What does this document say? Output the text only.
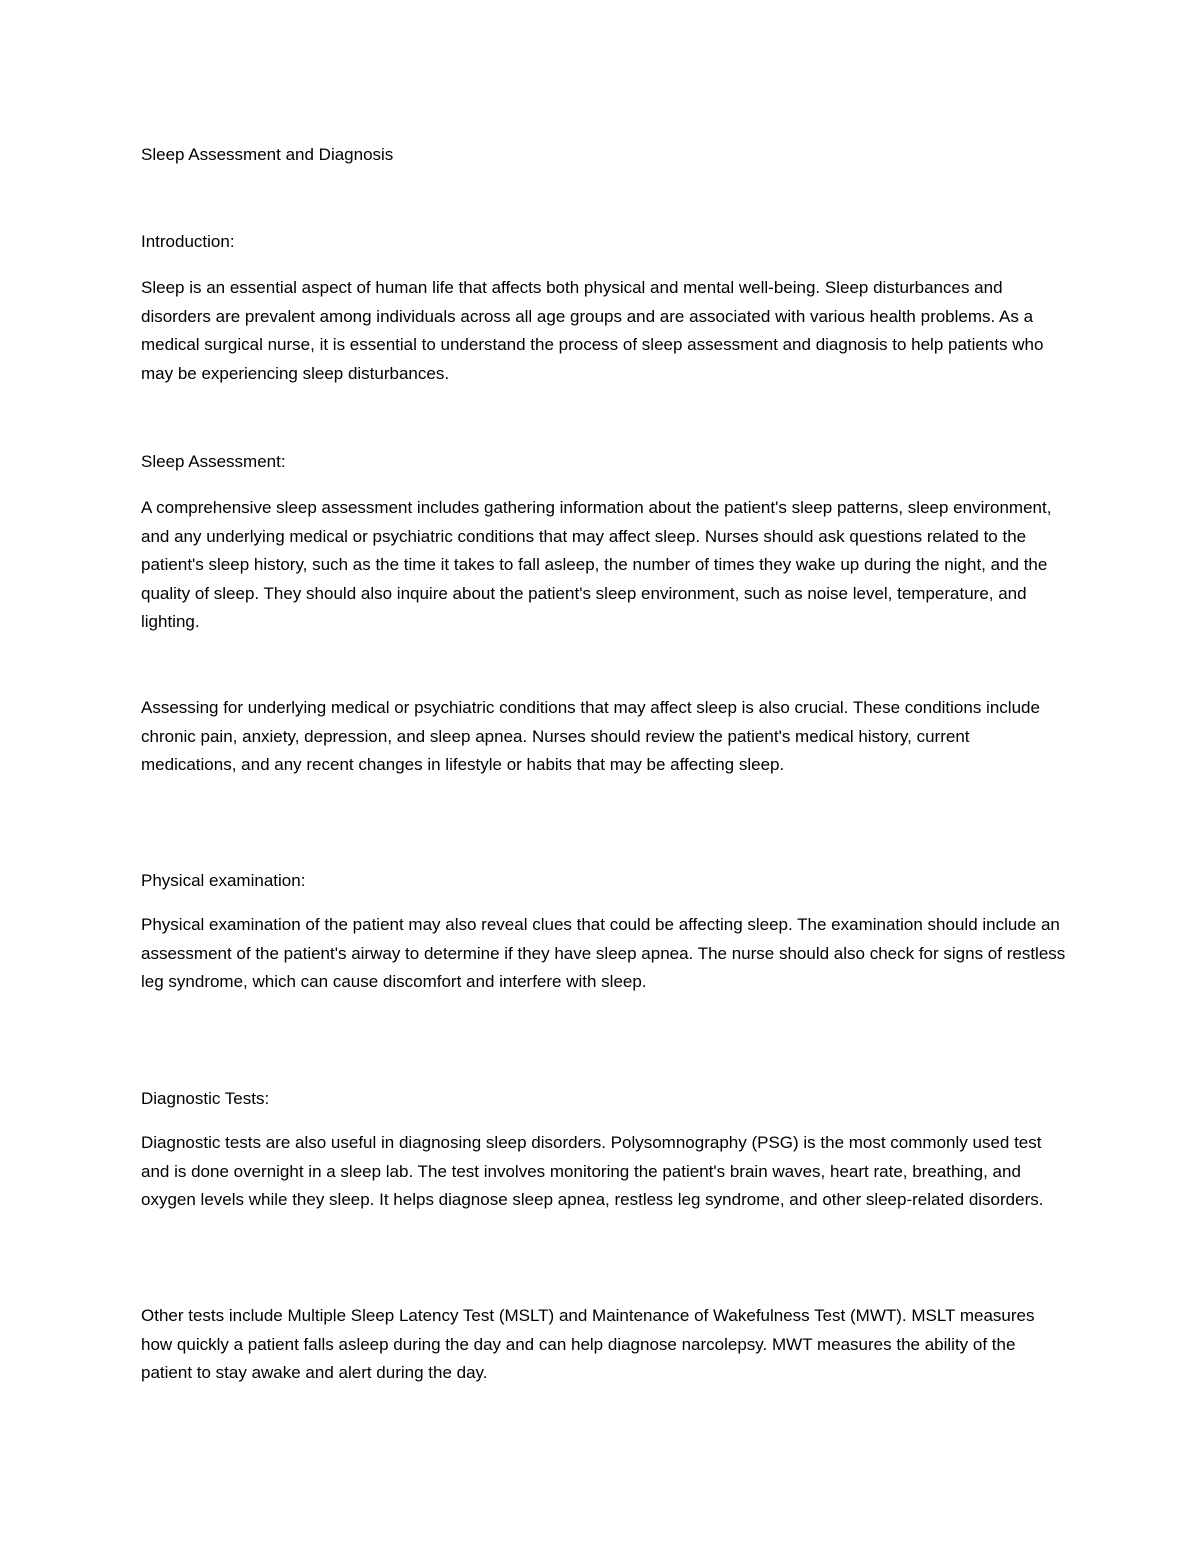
Sleep Assessment and Diagnosis

Introduction:

Sleep is an essential aspect of human life that affects both physical and mental well-being. Sleep disturbances and disorders are prevalent among individuals across all age groups and are associated with various health problems. As a medical surgical nurse, it is essential to understand the process of sleep assessment and diagnosis to help patients who may be experiencing sleep disturbances.

Sleep Assessment:

A comprehensive sleep assessment includes gathering information about the patient's sleep patterns, sleep environment, and any underlying medical or psychiatric conditions that may affect sleep. Nurses should ask questions related to the patient's sleep history, such as the time it takes to fall asleep, the number of times they wake up during the night, and the quality of sleep. They should also inquire about the patient's sleep environment, such as noise level, temperature, and lighting.

Assessing for underlying medical or psychiatric conditions that may affect sleep is also crucial. These conditions include chronic pain, anxiety, depression, and sleep apnea. Nurses should review the patient's medical history, current medications, and any recent changes in lifestyle or habits that may be affecting sleep.

Physical examination:

Physical examination of the patient may also reveal clues that could be affecting sleep. The examination should include an assessment of the patient's airway to determine if they have sleep apnea. The nurse should also check for signs of restless leg syndrome, which can cause discomfort and interfere with sleep.

Diagnostic Tests:

Diagnostic tests are also useful in diagnosing sleep disorders. Polysomnography (PSG) is the most commonly used test and is done overnight in a sleep lab. The test involves monitoring the patient's brain waves, heart rate, breathing, and oxygen levels while they sleep. It helps diagnose sleep apnea, restless leg syndrome, and other sleep-related disorders.

Other tests include Multiple Sleep Latency Test (MSLT) and Maintenance of Wakefulness Test (MWT). MSLT measures how quickly a patient falls asleep during the day and can help diagnose narcolepsy. MWT measures the ability of the patient to stay awake and alert during the day.
